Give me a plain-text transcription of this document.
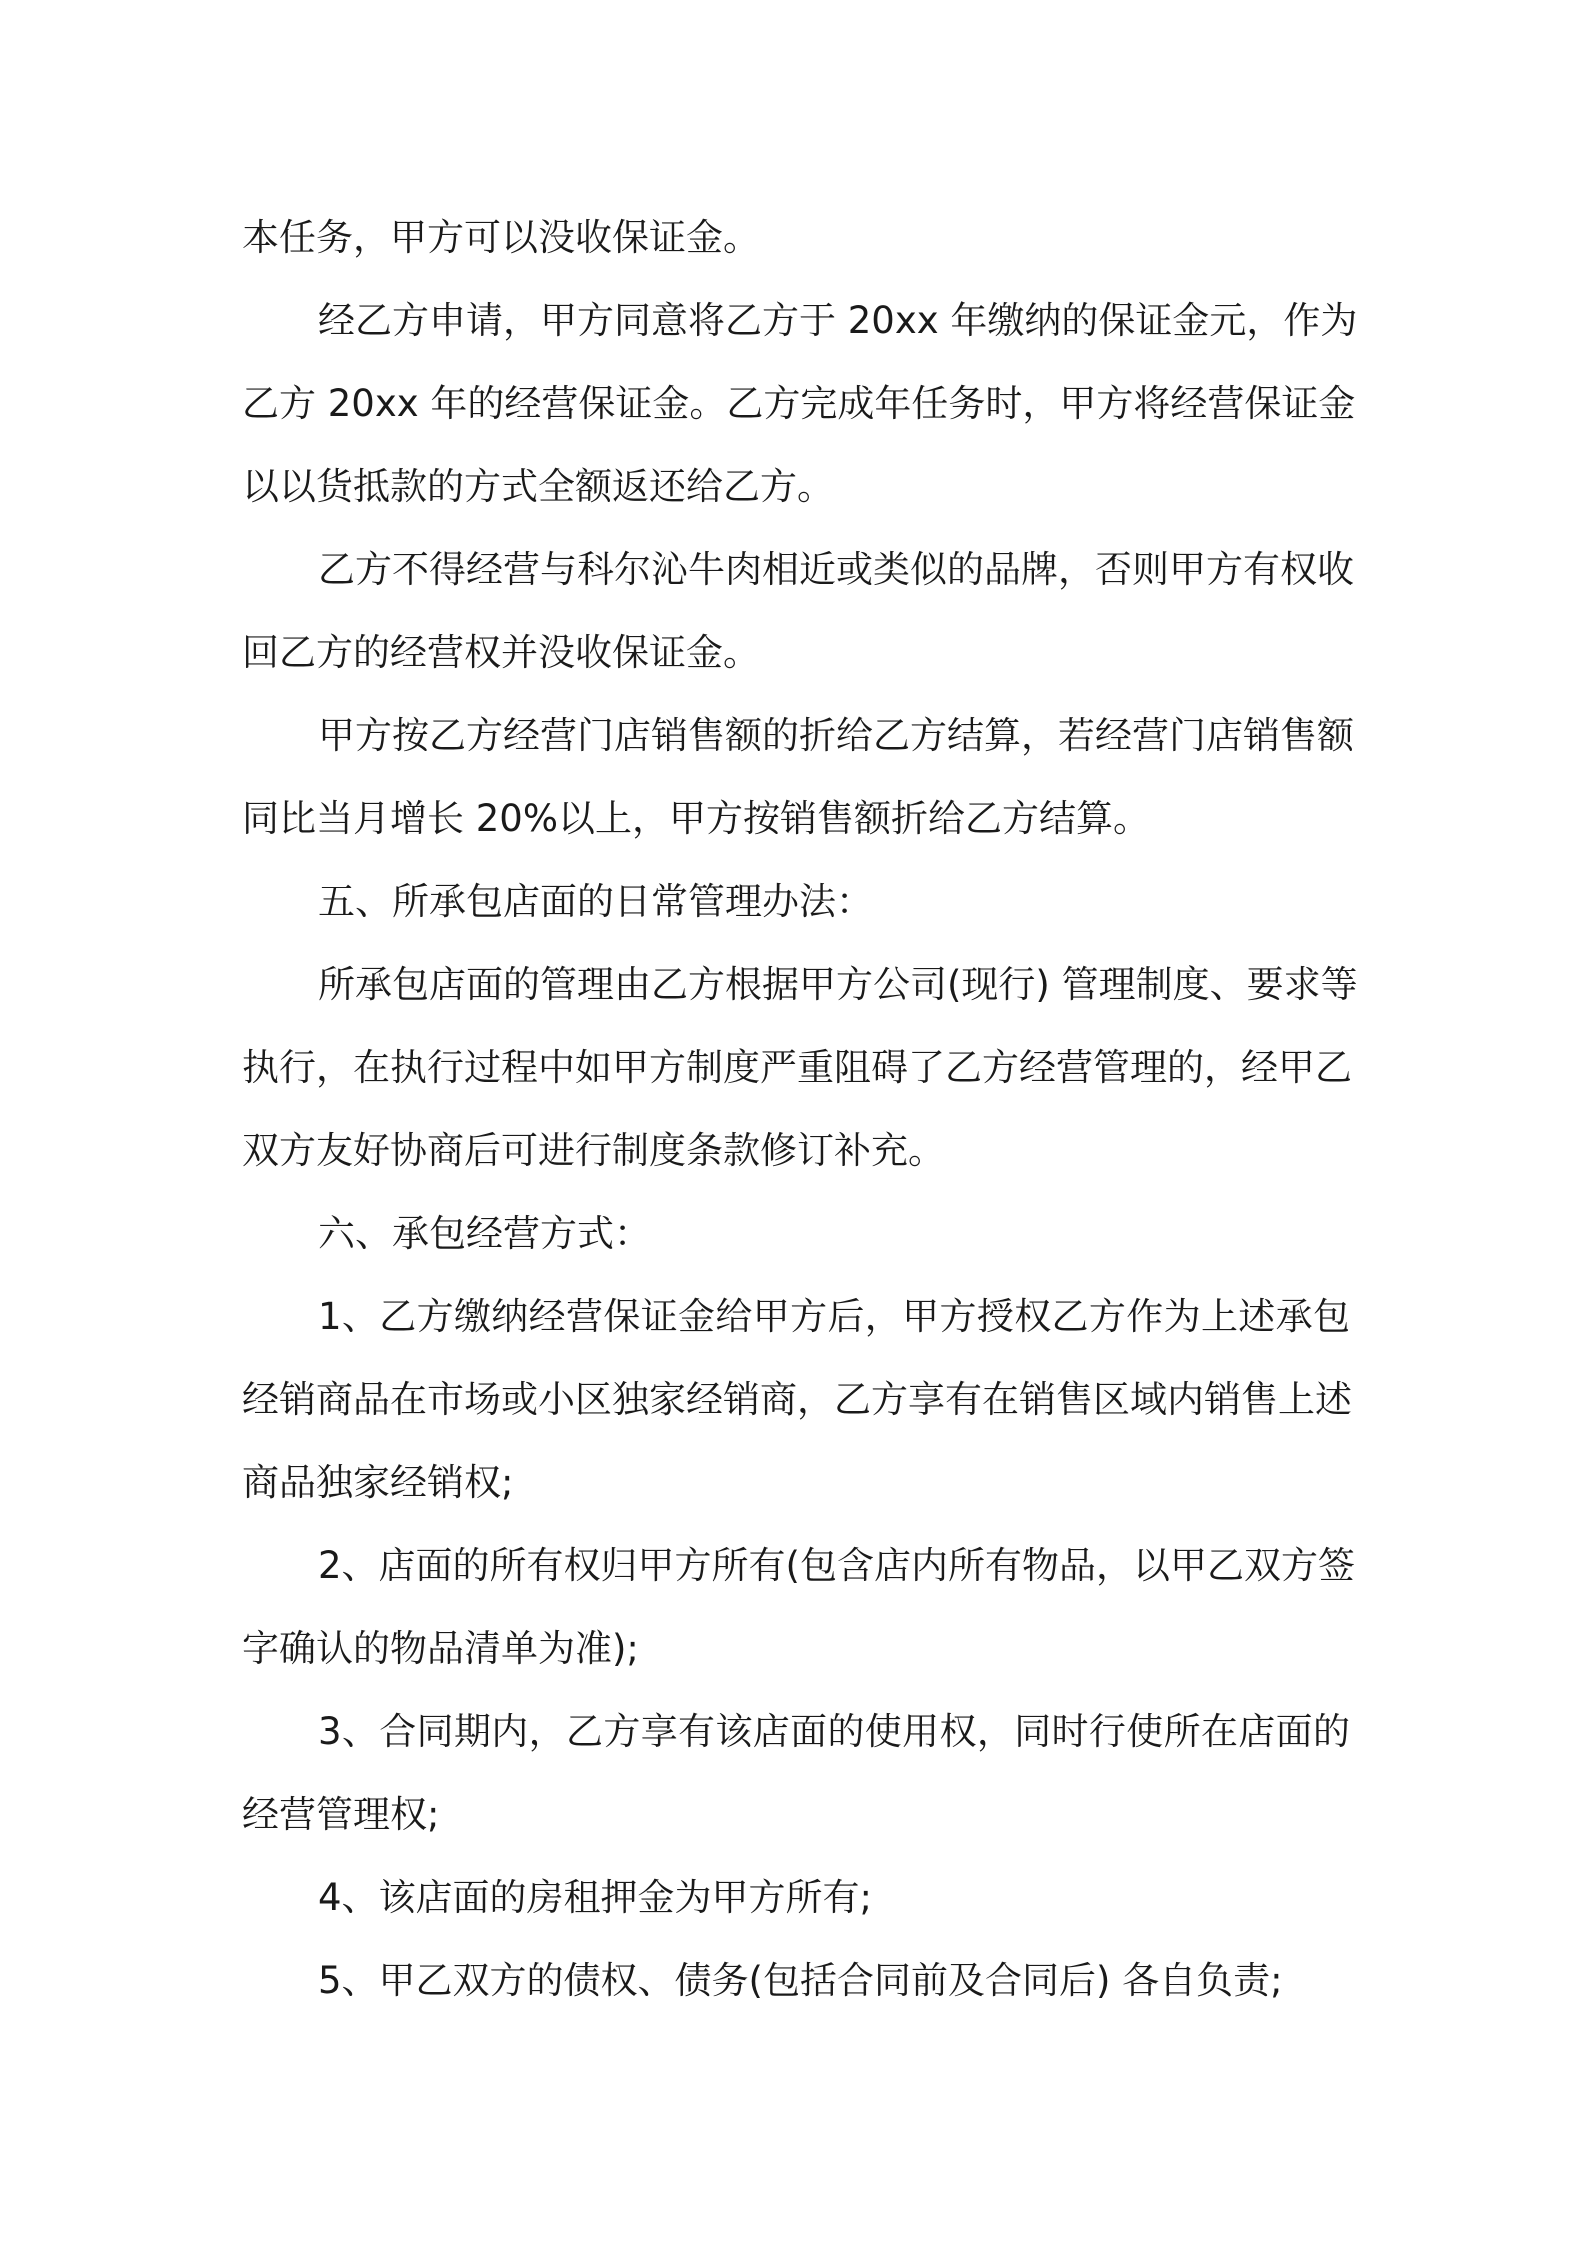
本任务，甲方可以没收保证金。
经乙方申请，甲方同意将乙方于 20xx 年缴纳的保证金元，作为
乙方 20xx 年的经营保证金。乙方完成年任务时，甲方将经营保证金
以以货抵款的方式全额返还给乙方。
乙方不得经营与科尔沁牛肉相近或类似的品牌，否则甲方有权收
回乙方的经营权并没收保证金。
甲方按乙方经营门店销售额的折给乙方结算，若经营门店销售额
同比当月增长 20%以上，甲方按销售额折给乙方结算。
五、所承包店面的日常管理办法：
所承包店面的管理由乙方根据甲方公司(现行) 管理制度、要求等
执行，在执行过程中如甲方制度严重阻碍了乙方经营管理的，经甲乙
双方友好协商后可进行制度条款修订补充。
六、承包经营方式：
1、乙方缴纳经营保证金给甲方后，甲方授权乙方作为上述承包
经销商品在市场或小区独家经销商，乙方享有在销售区域内销售上述
商品独家经销权;
2、店面的所有权归甲方所有(包含店内所有物品，以甲乙双方签
字确认的物品清单为准);
3、合同期内，乙方享有该店面的使用权，同时行使所在店面的
经营管理权;
4、该店面的房租押金为甲方所有;
5、甲乙双方的债权、债务(包括合同前及合同后) 各自负责;
